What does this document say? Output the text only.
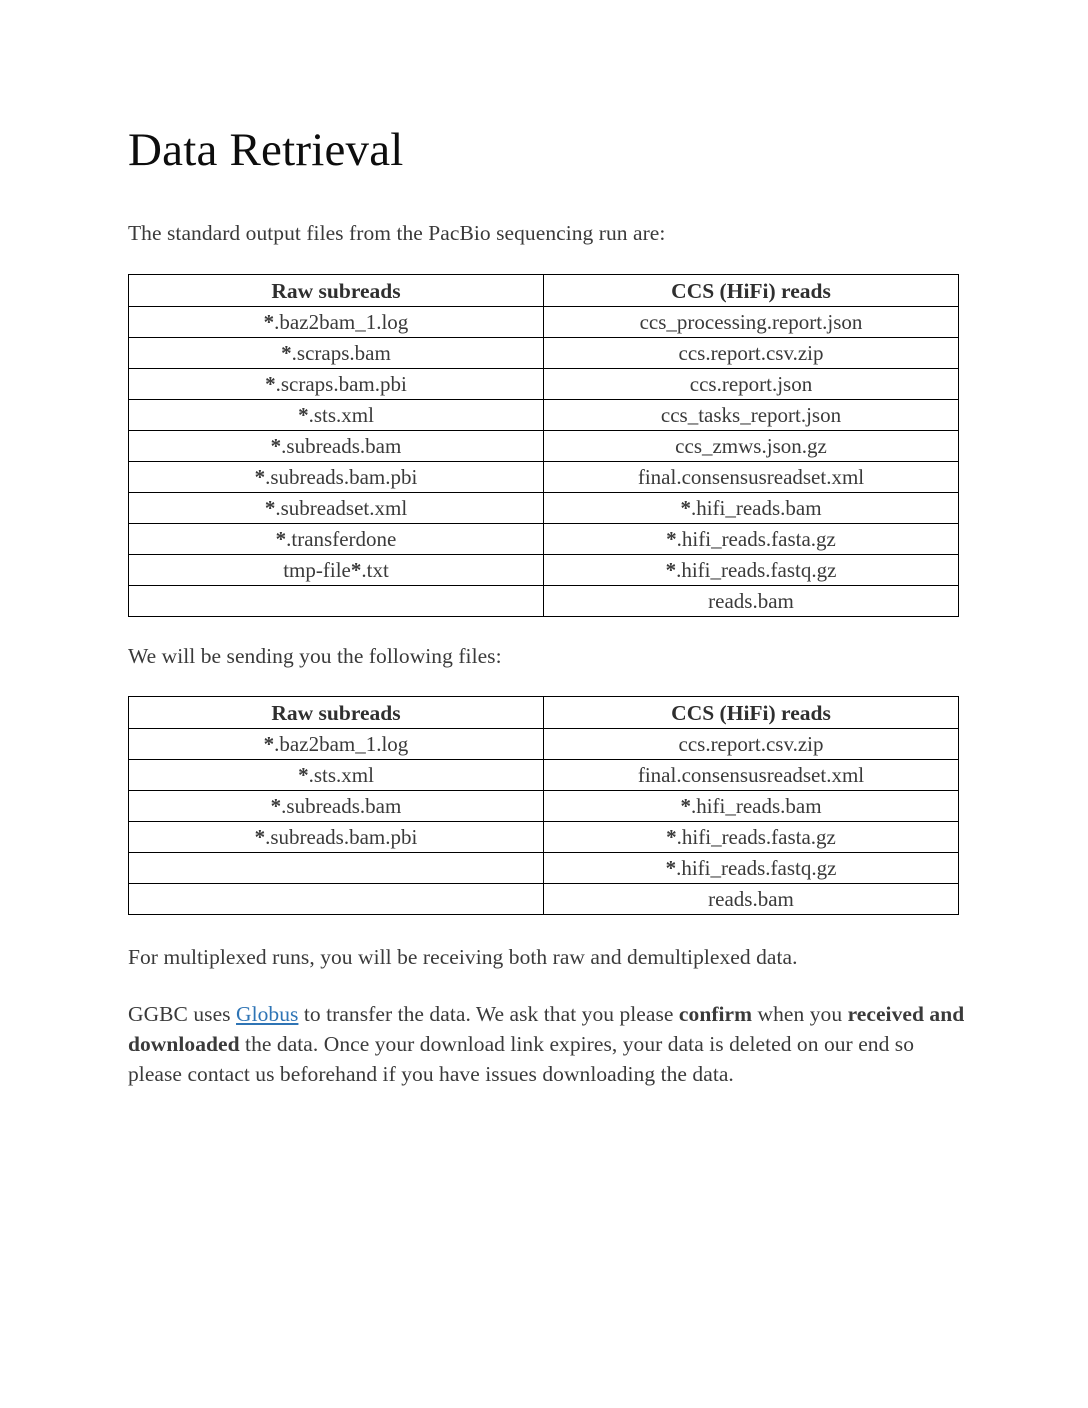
Data Retrieval

The standard output files from the PacBio sequencing run are:

Raw subreads	CCS (HiFi) reads
*.baz2bam_1.log	ccs_processing.report.json
*.scraps.bam	ccs.report.csv.zip
*.scraps.bam.pbi	ccs.report.json
*.sts.xml	ccs_tasks_report.json
*.subreads.bam	ccs_zmws.json.gz
*.subreads.bam.pbi	final.consensusreadset.xml
*.subreadset.xml	*.hifi_reads.bam
*.transferdone	*.hifi_reads.fasta.gz
tmp-file*.txt	*.hifi_reads.fastq.gz
	reads.bam

We will be sending you the following files:

Raw subreads	CCS (HiFi) reads
*.baz2bam_1.log	ccs.report.csv.zip
*.sts.xml	final.consensusreadset.xml
*.subreads.bam	*.hifi_reads.bam
*.subreads.bam.pbi	*.hifi_reads.fasta.gz
	*.hifi_reads.fastq.gz
	reads.bam

For multiplexed runs, you will be receiving both raw and demultiplexed data.

GGBC uses Globus to transfer the data. We ask that you please confirm when you received and downloaded the data. Once your download link expires, your data is deleted on our end so please contact us beforehand if you have issues downloading the data.
